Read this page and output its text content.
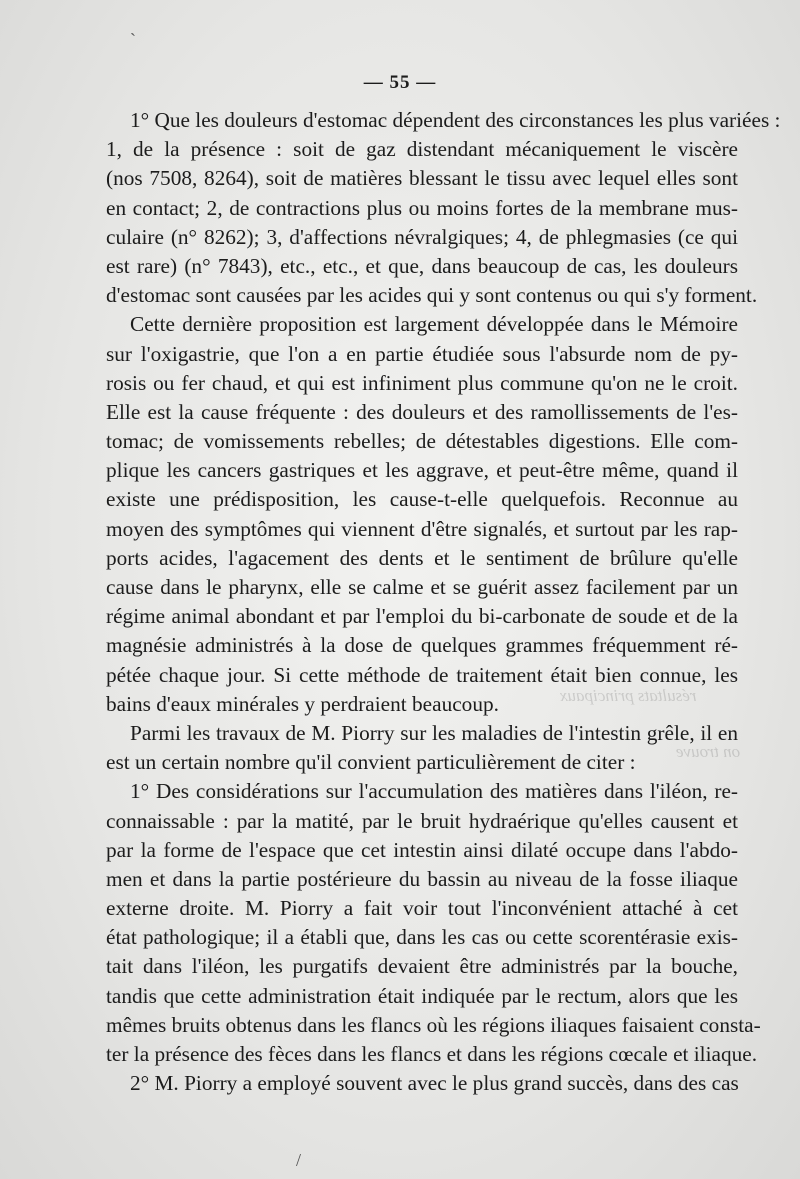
`
/
résultats principaux
on trouve
— 55 —
1° Que les douleurs d'estomac dépendent des circonstances les plus variées :
1, de la présence : soit de gaz distendant mécaniquement le viscère
(nos 7508, 8264), soit de matières blessant le tissu avec lequel elles sont
en contact; 2, de contractions plus ou moins fortes de la membrane mus-
culaire (n° 8262); 3, d'affections névralgiques; 4, de phlegmasies (ce qui
est rare) (n° 7843), etc., etc., et que, dans beaucoup de cas, les douleurs
d'estomac sont causées par les acides qui y sont contenus ou qui s'y forment.
Cette dernière proposition est largement développée dans le Mémoire
sur l'oxigastrie, que l'on a en partie étudiée sous l'absurde nom de py-
rosis ou fer chaud, et qui est infiniment plus commune qu'on ne le croit.
Elle est la cause fréquente : des douleurs et des ramollissements de l'es-
tomac; de vomissements rebelles; de détestables digestions. Elle com-
plique les cancers gastriques et les aggrave, et peut-être même, quand il
existe une prédisposition, les cause-t-elle quelquefois. Reconnue au
moyen des symptômes qui viennent d'être signalés, et surtout par les rap-
ports acides, l'agacement des dents et le sentiment de brûlure qu'elle
cause dans le pharynx, elle se calme et se guérit assez facilement par un
régime animal abondant et par l'emploi du bi-carbonate de soude et de la
magnésie administrés à la dose de quelques grammes fréquemment ré-
pétée chaque jour. Si cette méthode de traitement était bien connue, les
bains d'eaux minérales y perdraient beaucoup.
Parmi les travaux de M. Piorry sur les maladies de l'intestin grêle, il en
est un certain nombre qu'il convient particulièrement de citer :
1° Des considérations sur l'accumulation des matières dans l'iléon, re-
connaissable : par la matité, par le bruit hydraérique qu'elles causent et
par la forme de l'espace que cet intestin ainsi dilaté occupe dans l'abdo-
men et dans la partie postérieure du bassin au niveau de la fosse iliaque
externe droite. M. Piorry a fait voir tout l'inconvénient attaché à cet
état pathologique; il a établi que, dans les cas ou cette scorentérasie exis-
tait dans l'iléon, les purgatifs devaient être administrés par la bouche,
tandis que cette administration était indiquée par le rectum, alors que les
mêmes bruits obtenus dans les flancs où les régions iliaques faisaient consta-
ter la présence des fèces dans les flancs et dans les régions cœcale et iliaque.
2° M. Piorry a employé souvent avec le plus grand succès, dans des cas
